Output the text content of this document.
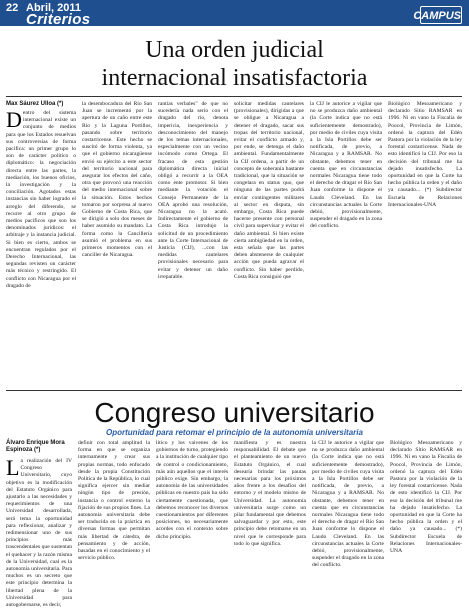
22 Abril, 2011
Criterios	CAMPUS
Una orden judicial
internacional insatisfactoria
Max Sáurez Ulloa (*)
D entro del sistema internacional existe un conjunto de medios para que los Estados resuelvan sus controversias de forma pacífica: un primer grupo lo son de carácter político o diplomático: la negociación directa entre las partes, la mediación, los buenos oficios, la investigación y la conciliación. Agotados estas instancias sin haber logrado el arreglo del diferendo, se recurre al otro grupo de medios pacíficos que son los denominados jurídicos: el arbitraje y la instancia judicial. Si bien es cierto, ambos se encuentran regulados por el Derecho Internacional, las segundas revisten un carácter más técnico y restringido. El conflicto con Nicaragua por el dragado de
la desembocadura del Río San Juan se incrementó por la apertura de un caño entre este Río y la Laguna Portillos, pasando sobre territorio costarricense. Este hecho se suscitó de forma violenta, ya que el gobierno nicaragüense envió su ejército a este sector del territorio nacional para asegurar los efectos del caño, otra que provocó una reacción del medio internacional sobre la situación. Estos hechos tomaron por sorpresa al nuevo Gobierno de Costa Rica, que se dirigió a solo dos meses de haber asumido su mandato. La forma como la Cancillería asumió el problema en sus primeros momentos con el canciller de Nicaragua.
rantías verbales" de que no sucedería nada serio con el dragado del río, denota impericia, inexperiencia y desconocimiento del manejo de los temas internacionales, especialmente con un vecino incómodo como Ortega. El fracaso de esta gestión diplomática directa inicial obligó a recurrir a la OEA como ente promotor. Si bien mediante la votación el Consejo Permanente de la OEA aprobó una resolución, Nicaragua no la acató. Indirectamente el gobierno de Costa Rica introdujo la solicitud de un procedimiento ante la Corte Internacional de Justicia (CIJ), ...con las medidas cautelares provisionales necesario para evitar y detener un daño irreparable.
solicitar medidas cautelares (provisionales), dirigidas a que se obligue a Nicaragua a detener el dragado, sacar sus tropas del territorio nacional, evitar el conflicto armado y, por ende, se detenga el daño ambiental. Fundamentalmente la CIJ ordena, a partir de un concepto de soberanía bastante tradicional, que la situación se congelara en status quo, que ninguna de las partes podrá enviar contingentes militares al sector en disputa, sin embargo, Costa Rica puede hacerse presente con personal civil para supervisar y evitar el daño ambiental. Si bien existe cierta ambigüedad en la orden, esta señala que las partes deben abstenerse de cualquier acción que pueda agravar el conflicto. Sin haber perdido, Costa Rica consiguió que
la CIJ le autorice a vigilar que no se produzca daño ambiental (la Corte indica que no está suficientemente demostrado), por medio de civiles cuya visita a la Isla Portillos debe ser notificada, de previo, a Nicaragua y a RAMSAR. No obstante, debemos tener en cuenta que en circunstancias normales Nicaragua tiene todo el derecho de dragar el Río San Juan conforme lo dispone el Laudo Cleveland. En las circunstancias actuales la Corte debió, provisionalmente, suspender el dragado en la zona del conflicto.
Biológico Mesoamericano y declarado Sitio RAMSAR en 1996. Ni en vano la Fiscalía de Poocol, Provincia de Limón, ordenó la captura del Edén Pastora por la violación de la ley forestal costarricense. Nada de esto identificó la CIJ. Por eso la decisión del tribunal me ha dejado insatisfecho. La oportunidad en que la Corte ha hecho pública la orden y el daño ya causado... (*) Subdirector Escuela de Relaciones Internacionales-UNA
Congreso universitario
Oportunidad para retomar el principio de la autonomía universitaria
Álvaro Enrique Mora Espinoza (*)
L a realización del IV Congreso Universitario, cuyo objetivo es la modificación del Estatuto Orgánico para ajustarlo a las necesidades y requerimientos de una Universidad desarrollada, será tema la oportunidad para reflexionar, analizar y redimensionar uno de sus principios más trascendentales que sustentan el quehacer y la razón misma de la Universidad, cual es la autonomía universitaria. Para muchos es un secreto que este principio determina la libertad plena de la Universidad para autogobernarse, es decir,
definir con total amplitud la forma en que se organiza internamente y crear sus propias normas, todo enfocado desde la propia Constitución Política de la República, lo cual significa ejercer sin mediar ningún tipo de presión, instancia o control externo la fijación de sus propios fines. La autonomía universitaria debe ser traducida en la práctica en diversas formas que permitan más libertad de cátedra, de pensamiento y de acción, basadas en el conocimiento y el servicio público.
lítico y los vaivenes de los gobiernos de turno, protegiendo a la institución de cualquier tipo de control o condicionamiento, más aún aquellos que el interés público exige. Sin embargo, la autonomía de las universidades públicas en nuestro país ha sido ciertamente cuestionada, que debemos reconocer los diversos cuestionamientos por diferentes posiciones, no necesariamente acordes con el contexto sobre dicho principio.
manifiesta y es nuestra responsabilidad. El debate que el planteamiento de un nuevo Estatuto Orgánico, el cual desearía brindar las pautas necesarias para los próximos años frente a los desafíos del entorno y el modelo mismo de Universidad. La autonomía universitaria surge como un pilar fundamental que debemos salvaguardar y por esto, este principio debe retomarse en un nivel que le corresponde para todo lo que significa.
la CIJ le autorice a vigilar que no se produzca daño ambiental (la Corte indica que no está suficientemente demostrado), por medio de civiles cuya visita a la Isla Portillos debe ser notificada, de previo, a Nicaragua y a RAMSAR. No obstante, debemos tener en cuenta que en circunstancias normales Nicaragua tiene todo el derecho de dragar el Río San Juan conforme lo dispone el Laudo Cleveland. En las circunstancias actuales la Corte debió, provisionalmente, suspender el dragado en la zona del conflicto.
Biológico Mesoamericano y declarado Sitio RAMSAR en 1996. Ni en vano la Fiscalía de Poocol, Provincia de Limón, ordenó la captura del Edén Pastora por la violación de la ley forestal costarricense. Nada de esto identificó la CIJ. Por eso la decisión del tribunal me ha dejado insatisfecho. La oportunidad en que la Corte ha hecho pública la orden y el daño ya causado... (*) Subdirector Escuela de Relaciones Internacionales-UNA
